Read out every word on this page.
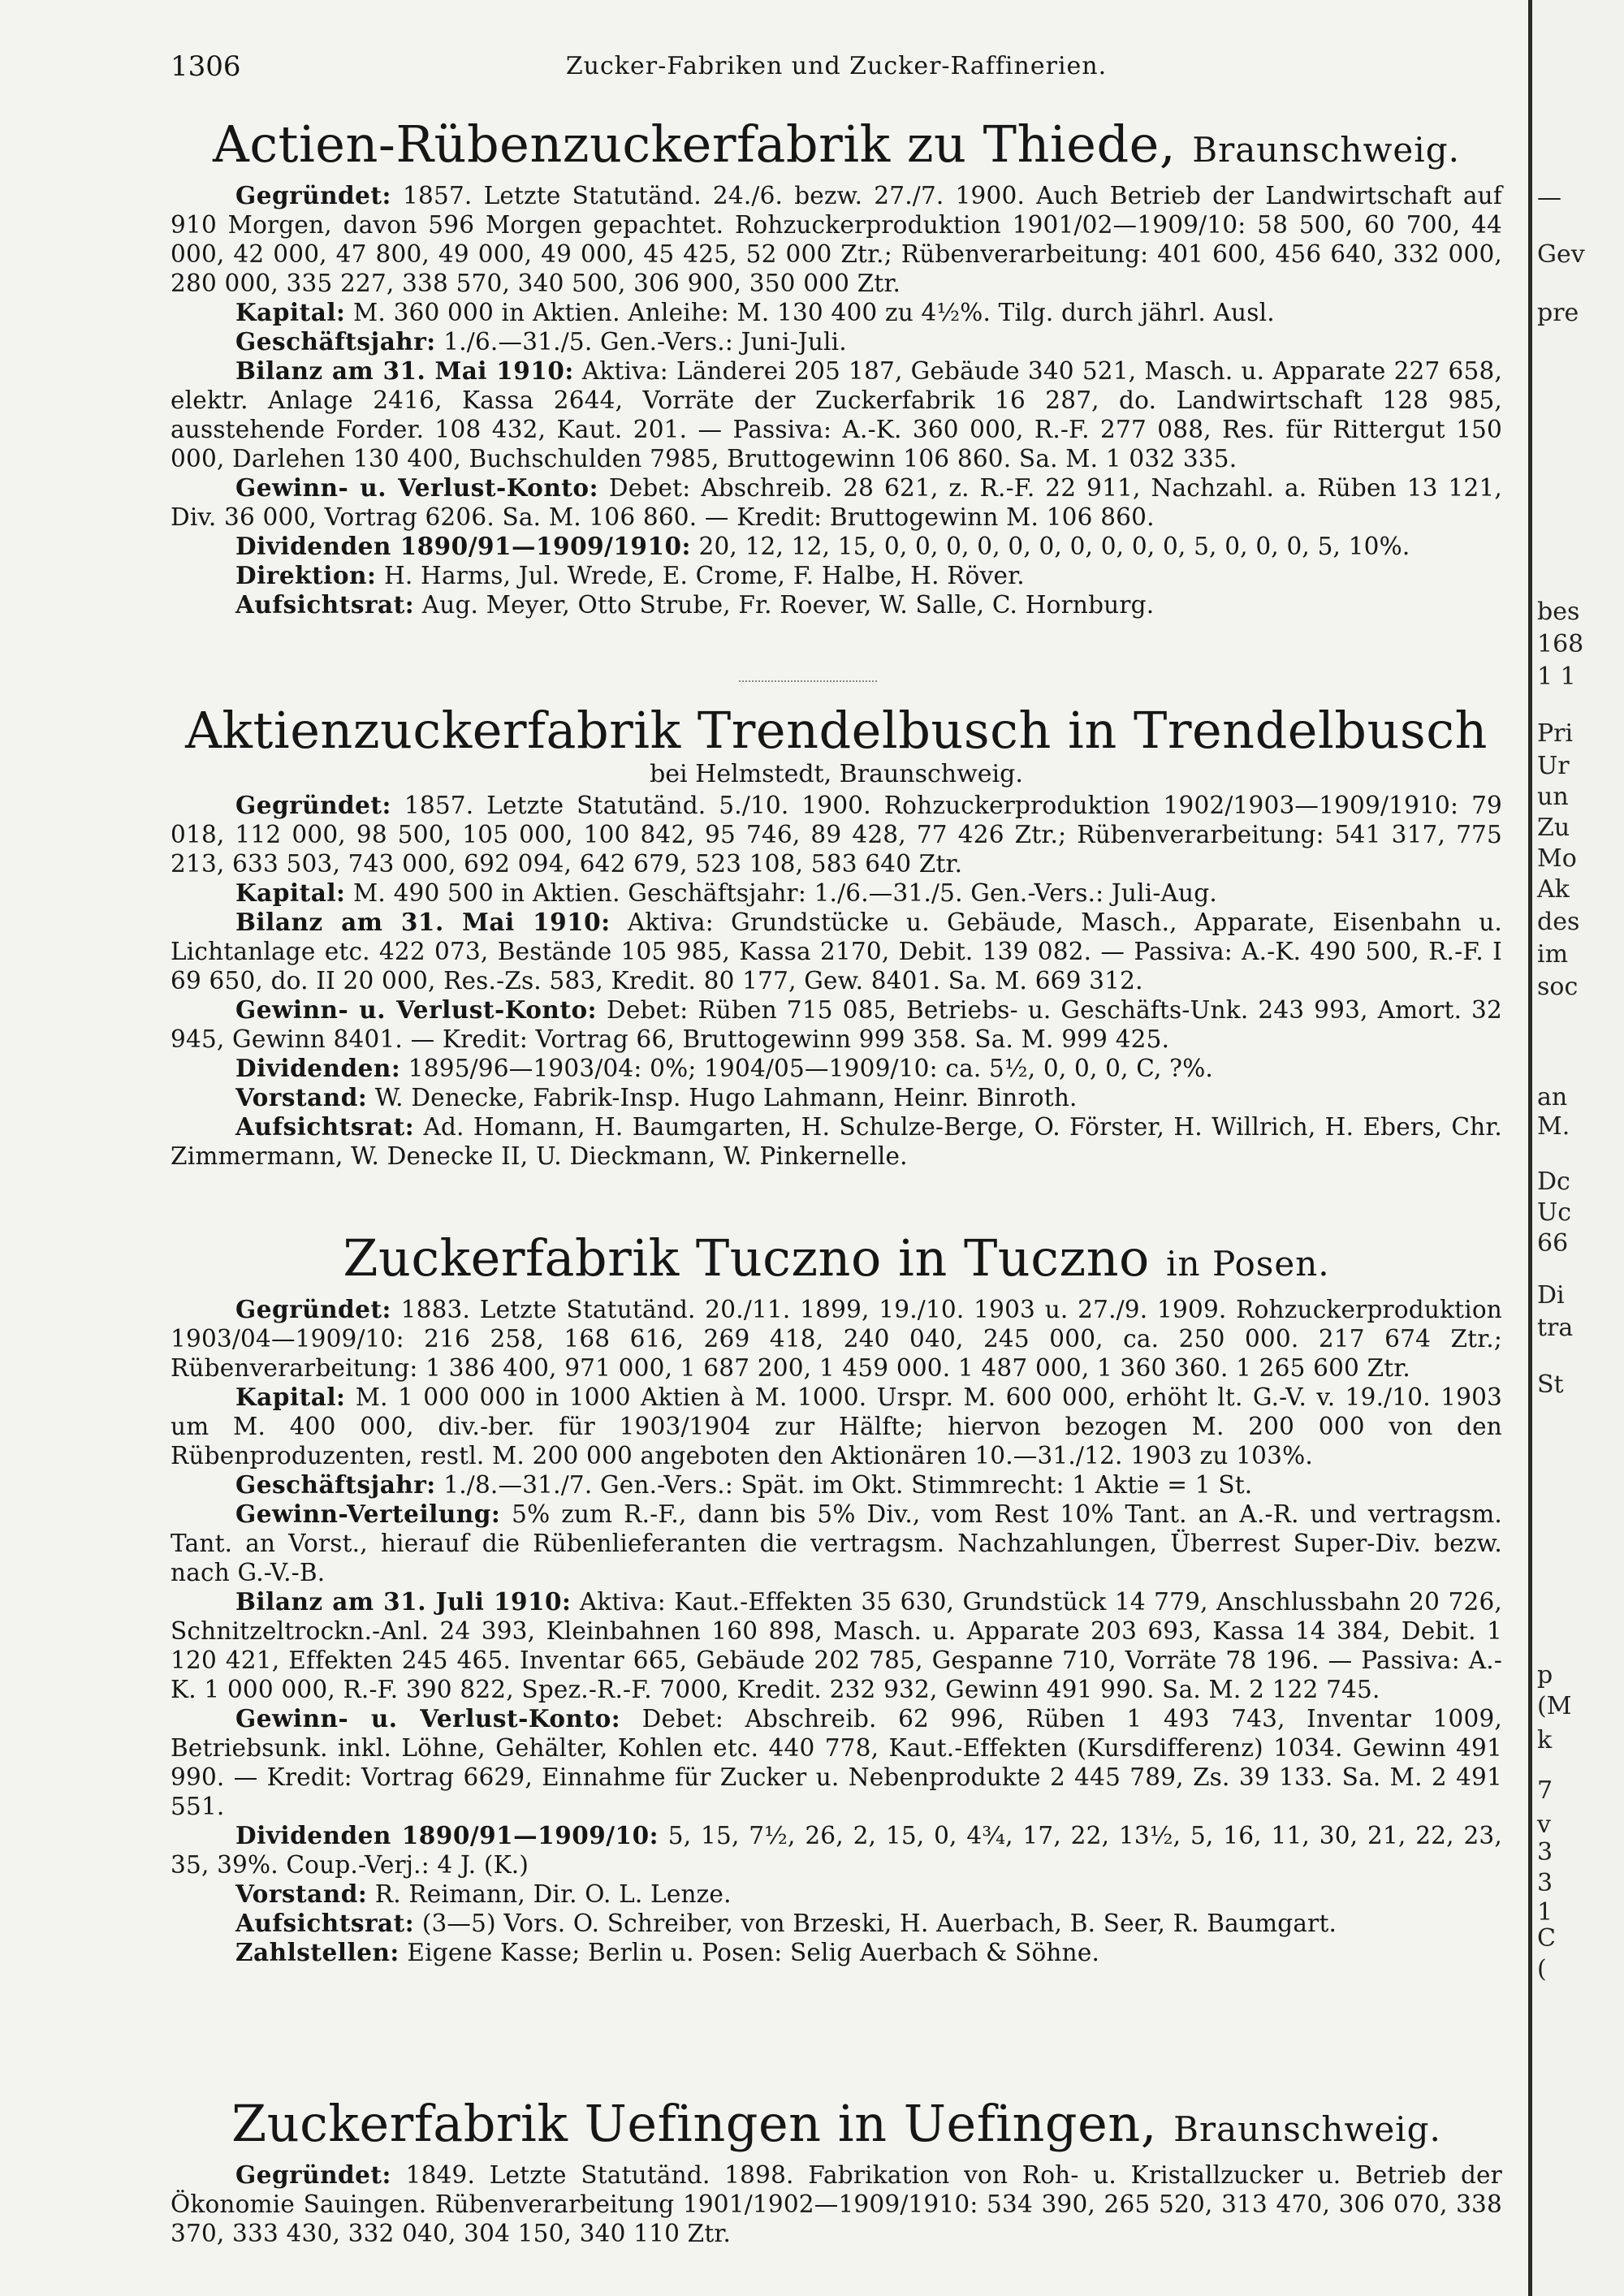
1306	Zucker-Fabriken und Zucker-Raffinerien.
Actien-Rübenzuckerfabrik zu Thiede, Braunschweig.

Gegründet: 1857. Letzte Statutänd. 24./6. bezw. 27./7. 1900. Auch Betrieb der Landwirtschaft auf 910 Morgen, davon 596 Morgen gepachtet. Rohzuckerproduktion 1901/02—1909/10: 58 500, 60 700, 44 000, 42 000, 47 800, 49 000, 49 000, 45 425, 52 000 Ztr.; Rübenverarbeitung: 401 600, 456 640, 332 000, 280 000, 335 227, 338 570, 340 500, 306 900, 350 000 Ztr.

Kapital: M. 360 000 in Aktien. Anleihe: M. 130 400 zu 4½%. Tilg. durch jährl. Ausl.

Geschäftsjahr: 1./6.—31./5. Gen.-Vers.: Juni-Juli.

Bilanz am 31. Mai 1910: Aktiva: Länderei 205 187, Gebäude 340 521, Masch. u. Apparate 227 658, elektr. Anlage 2416, Kassa 2644, Vorräte der Zuckerfabrik 16 287, do. Landwirtschaft 128 985, ausstehende Forder. 108 432, Kaut. 201. — Passiva: A.-K. 360 000, R.-F. 277 088, Res. für Rittergut 150 000, Darlehen 130 400, Buchschulden 7985, Bruttogewinn 106 860. Sa. M. 1 032 335.

Gewinn- u. Verlust-Konto: Debet: Abschreib. 28 621, z. R.-F. 22 911, Nachzahl. a. Rüben 13 121, Div. 36 000, Vortrag 6206. Sa. M. 106 860. — Kredit: Bruttogewinn M. 106 860.

Dividenden 1890/91—1909/1910: 20, 12, 12, 15, 0, 0, 0, 0, 0, 0, 0, 0, 0, 0, 5, 0, 0, 0, 5, 10%.

Direktion: H. Harms, Jul. Wrede, E. Crome, F. Halbe, H. Röver.

Aufsichtsrat: Aug. Meyer, Otto Strube, Fr. Roever, W. Salle, C. Hornburg.

Aktienzuckerfabrik Trendelbusch in Trendelbusch
bei Helmstedt, Braunschweig.

Gegründet: 1857. Letzte Statutänd. 5./10. 1900. Rohzuckerproduktion 1902/1903—1909/1910: 79 018, 112 000, 98 500, 105 000, 100 842, 95 746, 89 428, 77 426 Ztr.; Rübenverarbeitung: 541 317, 775 213, 633 503, 743 000, 692 094, 642 679, 523 108, 583 640 Ztr.

Kapital: M. 490 500 in Aktien. Geschäftsjahr: 1./6.—31./5. Gen.-Vers.: Juli-Aug.

Bilanz am 31. Mai 1910: Aktiva: Grundstücke u. Gebäude, Masch., Apparate, Eisenbahn u. Lichtanlage etc. 422 073, Bestände 105 985, Kassa 2170, Debit. 139 082. — Passiva: A.-K. 490 500, R.-F. I 69 650, do. II 20 000, Res.-Zs. 583, Kredit. 80 177, Gew. 8401. Sa. M. 669 312.

Gewinn- u. Verlust-Konto: Debet: Rüben 715 085, Betriebs- u. Geschäfts-Unk. 243 993, Amort. 32 945, Gewinn 8401. — Kredit: Vortrag 66, Bruttogewinn 999 358. Sa. M. 999 425.

Dividenden: 1895/96—1903/04: 0%; 1904/05—1909/10: ca. 5½, 0, 0, 0, C, ?%.

Vorstand: W. Denecke, Fabrik-Insp. Hugo Lahmann, Heinr. Binroth.

Aufsichtsrat: Ad. Homann, H. Baumgarten, H. Schulze-Berge, O. Förster, H. Willrich, H. Ebers, Chr. Zimmermann, W. Denecke II, U. Dieckmann, W. Pinkernelle.

Zuckerfabrik Tuczno in Tuczno in Posen.

Gegründet: 1883. Letzte Statutänd. 20./11. 1899, 19./10. 1903 u. 27./9. 1909. Rohzuckerproduktion 1903/04—1909/10: 216 258, 168 616, 269 418, 240 040, 245 000, ca. 250 000. 217 674 Ztr.; Rübenverarbeitung: 1 386 400, 971 000, 1 687 200, 1 459 000. 1 487 000, 1 360 360. 1 265 600 Ztr.

Kapital: M. 1 000 000 in 1000 Aktien à M. 1000. Urspr. M. 600 000, erhöht lt. G.-V. v. 19./10. 1903 um M. 400 000, div.-ber. für 1903/1904 zur Hälfte; hiervon bezogen M. 200 000 von den Rübenproduzenten, restl. M. 200 000 angeboten den Aktionären 10.—31./12. 1903 zu 103%.

Geschäftsjahr: 1./8.—31./7. Gen.-Vers.: Spät. im Okt. Stimmrecht: 1 Aktie = 1 St.

Gewinn-Verteilung: 5% zum R.-F., dann bis 5% Div., vom Rest 10% Tant. an A.-R. und vertragsm. Tant. an Vorst., hierauf die Rübenlieferanten die vertragsm. Nachzahlungen, Überrest Super-Div. bezw. nach G.-V.-B.

Bilanz am 31. Juli 1910: Aktiva: Kaut.-Effekten 35 630, Grundstück 14 779, Anschlussbahn 20 726, Schnitzeltrockn.-Anl. 24 393, Kleinbahnen 160 898, Masch. u. Apparate 203 693, Kassa 14 384, Debit. 1 120 421, Effekten 245 465. Inventar 665, Gebäude 202 785, Gespanne 710, Vorräte 78 196. — Passiva: A.-K. 1 000 000, R.-F. 390 822, Spez.-R.-F. 7000, Kredit. 232 932, Gewinn 491 990. Sa. M. 2 122 745.

Gewinn- u. Verlust-Konto: Debet: Abschreib. 62 996, Rüben 1 493 743, Inventar 1009, Betriebsunk. inkl. Löhne, Gehälter, Kohlen etc. 440 778, Kaut.-Effekten (Kursdifferenz) 1034. Gewinn 491 990. — Kredit: Vortrag 6629, Einnahme für Zucker u. Nebenprodukte 2 445 789, Zs. 39 133. Sa. M. 2 491 551.

Dividenden 1890/91—1909/10: 5, 15, 7½, 26, 2, 15, 0, 4¾, 17, 22, 13½, 5, 16, 11, 30, 21, 22, 23, 35, 39%. Coup.-Verj.: 4 J. (K.)

Vorstand: R. Reimann, Dir. O. L. Lenze.

Aufsichtsrat: (3—5) Vors. O. Schreiber, von Brzeski, H. Auerbach, B. Seer, R. Baumgart.

Zahlstellen: Eigene Kasse; Berlin u. Posen: Selig Auerbach & Söhne.

Zuckerfabrik Uefingen in Uefingen, Braunschweig.

Gegründet: 1849. Letzte Statutänd. 1898. Fabrikation von Roh- u. Kristallzucker u. Betrieb der Ökonomie Sauingen. Rübenverarbeitung 1901/1902—1909/1910: 534 390, 265 520, 313 470, 306 070, 338 370, 333 430, 332 040, 304 150, 340 110 Ztr.

—
Gev
pre
bes
168
1 1
Pri
Ur
un
Zu
Mo
Ak
des
im
soc
an
M.
Dc
Uc
66
Di
tra
St
p
(M
k
7
v
3
3
1
C
(
